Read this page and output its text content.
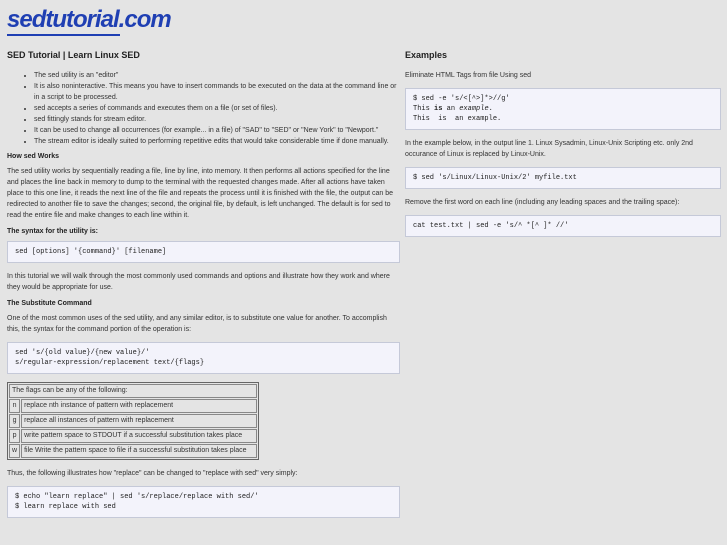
sedtutorial.com
SED Tutorial | Learn Linux SED
• The sed utility is an "editor"
• It is also noninteractive. This means you have to insert commands to be executed on the data at the command line or in a script to be processed.
• sed accepts a series of commands and executes them on a file (or set of files).
• sed fittingly stands for stream editor.
• It can be used to change all occurrences (for example... in a file) of "SAD" to "SED" or "New York" to "Newport."
• The stream editor is ideally suited to performing repetitive edits that would take considerable time if done manually.
How sed Works

The sed utility works by sequentially reading a file, line by line, into memory. It then performs all actions specified for the line and places the line back in memory to dump to the terminal with the requested changes made. After all actions have taken place to this one line, it reads the next line of the file and repeats the process until it is finished with the file, the output can be redirected to another file to save the changes; second, the original file, by default, is left unchanged. The default is for sed to read the entire file and make changes to each line within it.

The syntax for the utility is:
sed [options] '{command}' [filename]

In this tutorial we will walk through the most commonly used commands and options and illustrate how they work and where they would be appropriate for use.

The Substitute Command

One of the most common uses of the sed utility, and any similar editor, is to substitute one value for another. To accomplish this, the syntax for the command portion of the operation is:

sed 's/{old value}/{new value}/'
s/regular-expression/replacement text/{flags}
The flags can be any of the following:	
n	replace nth instance of pattern with replacement
g	replace all instances of pattern with replacement
p	write pattern space to STDOUT if a successful substitution takes place
w	file Write the pattern space to file if a successful substitution takes place

Thus, the following illustrates how "replace" can be changed to "replace with sed" very simply:

$ echo "learn replace" | sed 's/replace/replace with sed/'
$ learn replace with sed
Examples

Eliminate HTML Tags from file Using sed

$ sed -e 's/<[^>]*>//g'
This is an example.
This  is  an example.

In the example below, in the output line 1. Linux Sysadmin, Linux-Unix Scripting etc. only 2nd occurance of Linux is replaced by Linux-Unix.

$ sed 's/Linux/Linux-Unix/2' myfile.txt

Remove the first word on each line (including any leading spaces and the trailing space):

cat test.txt | sed -e 's/^ *[^ ]* //'
